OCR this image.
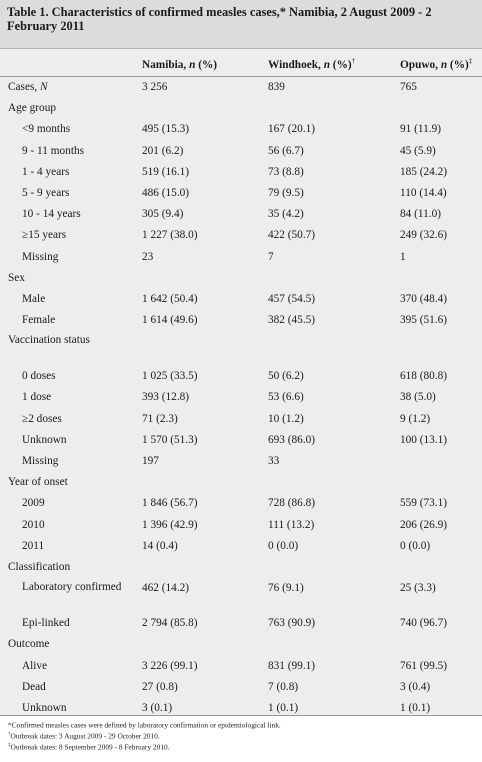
Table 1. Characteristics of confirmed measles cases,* Namibia, 2 August 2009 - 2 February 2011
Namibia, n (%)	Windhoek, n (%)†	Opuwo, n (%)‡
Cases, N	3 256	839	765
Age group
<9 months	495 (15.3)	167 (20.1)	91 (11.9)
9 - 11 months	201 (6.2)	56 (6.7)	45 (5.9)
1 - 4 years	519 (16.1)	73 (8.8)	185 (24.2)
5 - 9 years	486 (15.0)	79 (9.5)	110 (14.4)
10 - 14 years	305 (9.4)	35 (4.2)	84 (11.0)
≥15 years	1 227 (38.0)	422 (50.7)	249 (32.6)
Missing	23	7	1
Sex
Male	1 642 (50.4)	457 (54.5)	370 (48.4)
Female	1 614 (49.6)	382 (45.5)	395 (51.6)
Vaccination status
0 doses	1 025 (33.5)	50 (6.2)	618 (80.8)
1 dose	393 (12.8)	53 (6.6)	38 (5.0)
≥2 doses	71 (2.3)	10 (1.2)	9 (1.2)
Unknown	1 570 (51.3)	693 (86.0)	100 (13.1)
Missing	197	33
Year of onset
2009	1 846 (56.7)	728 (86.8)	559 (73.1)
2010	1 396 (42.9)	111 (13.2)	206 (26.9)
2011	14 (0.4)	0 (0.0)	0 (0.0)
Classification
Laboratory confirmed 462 (14.2)	76 (9.1)	25 (3.3)
Epi-linked	2 794 (85.8)	763 (90.9)	740 (96.7)
Outcome
Alive	3 226 (99.1)	831 (99.1)	761 (99.5)
Dead	27 (0.8)	7 (0.8)	3 (0.4)
Unknown	3 (0.1)	1 (0.1)	1 (0.1)
*Confirmed measles cases were defined by laboratory confirmation or epidemiological link.
†Outbreak dates: 3 August 2009 - 29 October 2010.
‡Outbreak dates: 8 September 2009 - 8 February 2010.
